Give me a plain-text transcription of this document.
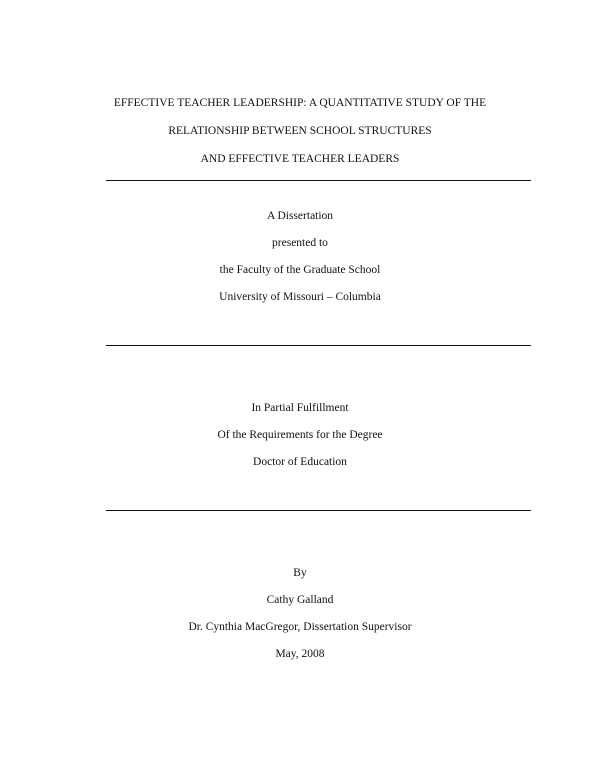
EFFECTIVE TEACHER LEADERSHIP: A QUANTITATIVE STUDY OF THE
RELATIONSHIP BETWEEN SCHOOL STRUCTURES
AND EFFECTIVE TEACHER LEADERS
A Dissertation
presented to
the Faculty of the Graduate School
University of Missouri – Columbia
In Partial Fulfillment
Of the Requirements for the Degree
Doctor of Education
By
Cathy Galland
Dr. Cynthia MacGregor, Dissertation Supervisor
May, 2008
